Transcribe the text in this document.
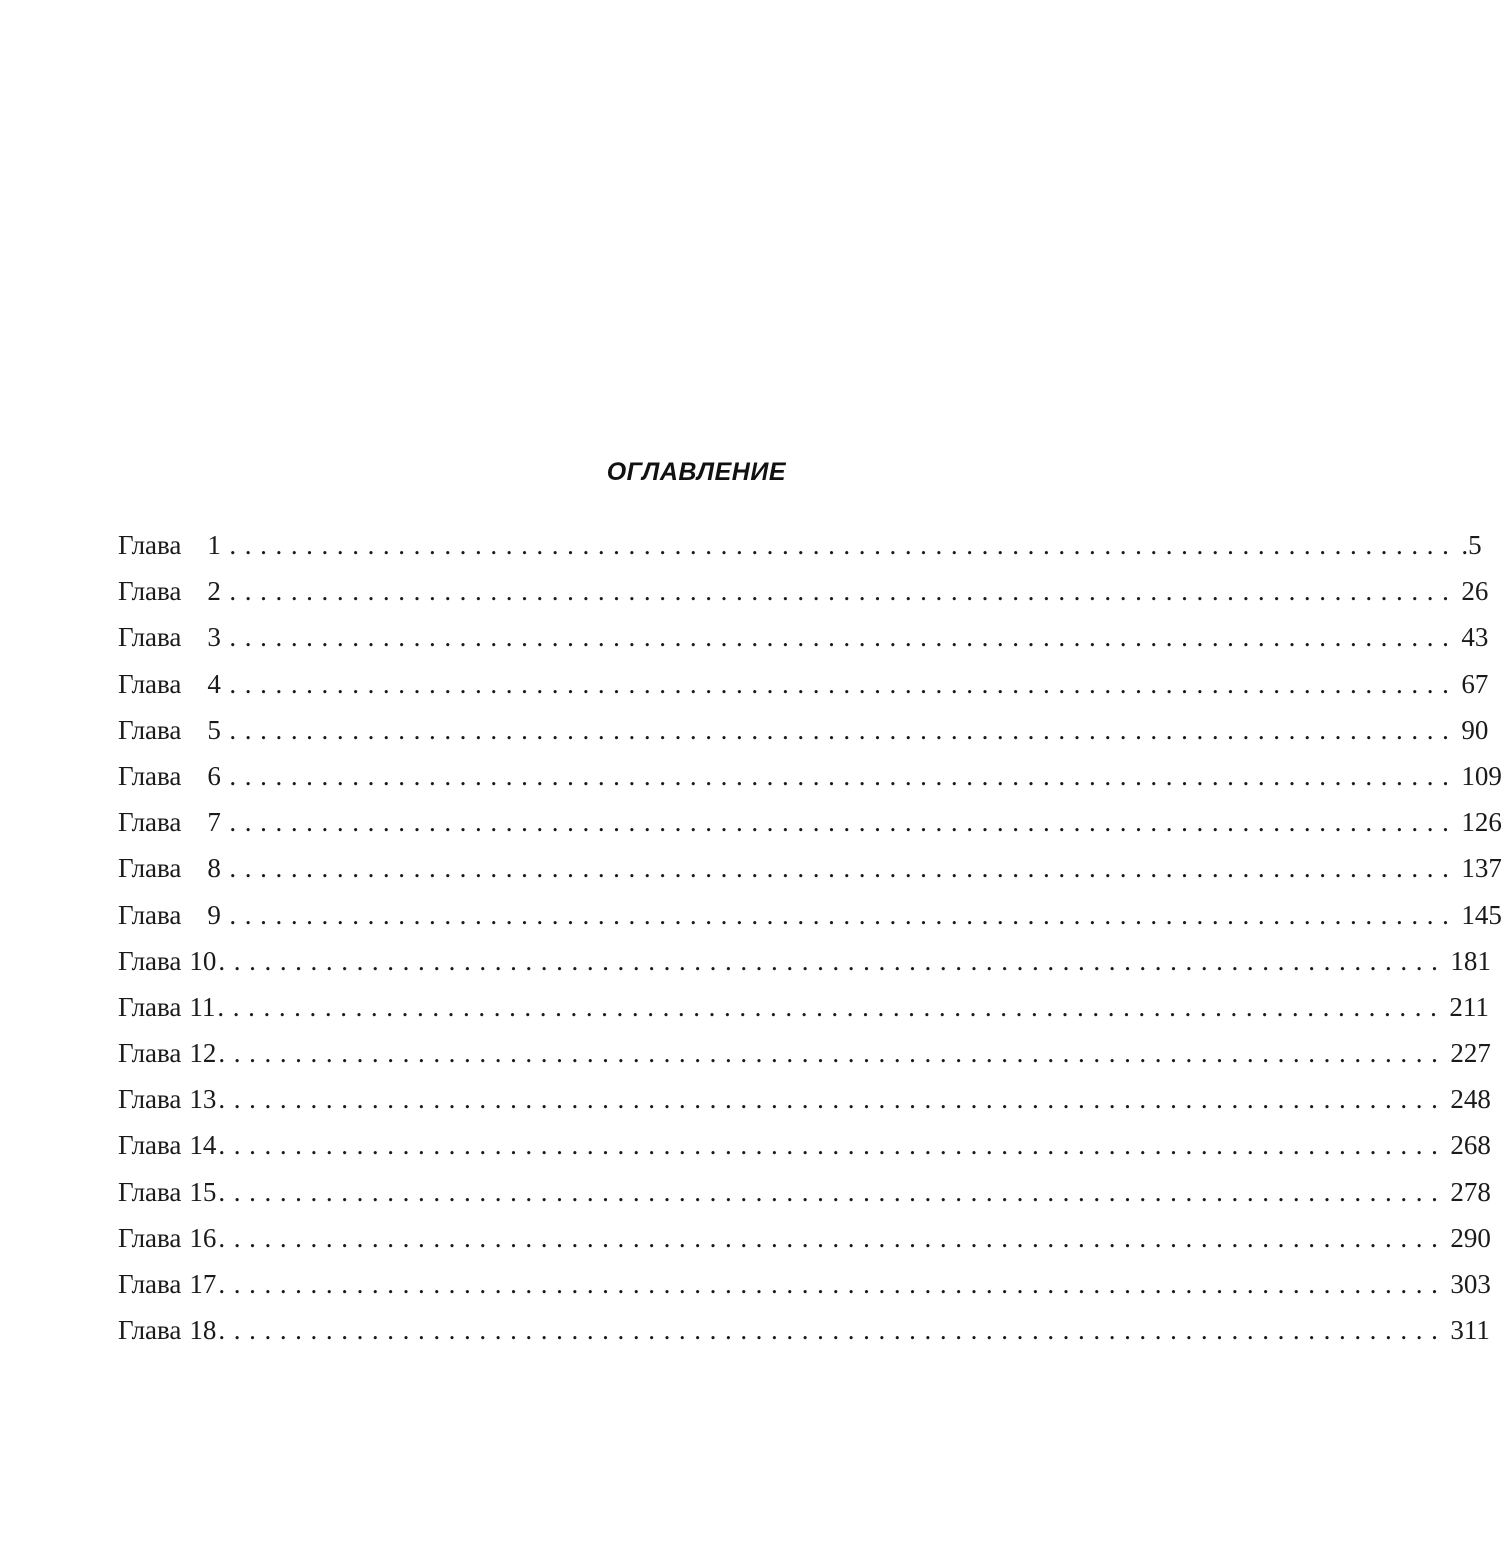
ОГЛАВЛЕНИЕ
Глава 1 ................................................................................ .5
Глава 2 ................................................................................ 26
Глава 3 ................................................................................ 43
Глава 4 ................................................................................ 67
Глава 5 ................................................................................ 90
Глава 6 ................................................................................ 109
Глава 7 ................................................................................ 126
Глава 8 ................................................................................ 137
Глава 9 ................................................................................ 145
Глава 10 ................................................................................ 181
Глава 11 ................................................................................ 211
Глава 12 ................................................................................ 227
Глава 13 ................................................................................ 248
Глава 14 ................................................................................ 268
Глава 15 ................................................................................ 278
Глава 16 ................................................................................ 290
Глава 17 ................................................................................ 303
Глава 18 ................................................................................ 311
